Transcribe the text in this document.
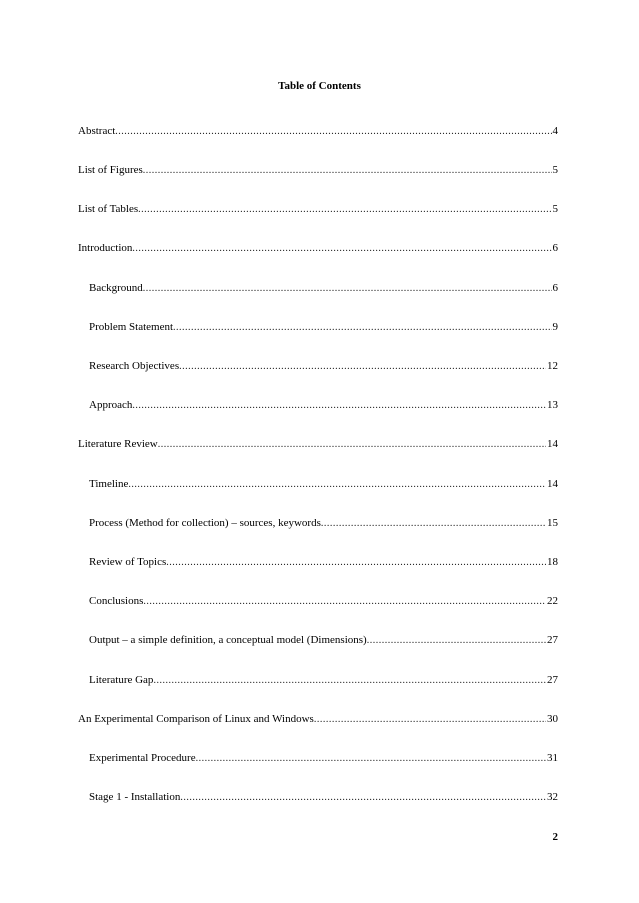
Table of Contents
Abstract .....	4
List of Figures .....	5
List of Tables .....	5
Introduction .....	6
Background .....	6
Problem Statement .....	9
Research Objectives .....	12
Approach .....	13
Literature Review .....	14
Timeline .....	14
Process (Method for collection) – sources, keywords .....	15
Review of Topics .....	18
Conclusions .....	22
Output – a simple definition, a conceptual model (Dimensions) .....	27
Literature Gap .....	27
An Experimental Comparison of Linux and Windows .....	30
Experimental Procedure .....	31
Stage 1 - Installation .....	32
2
